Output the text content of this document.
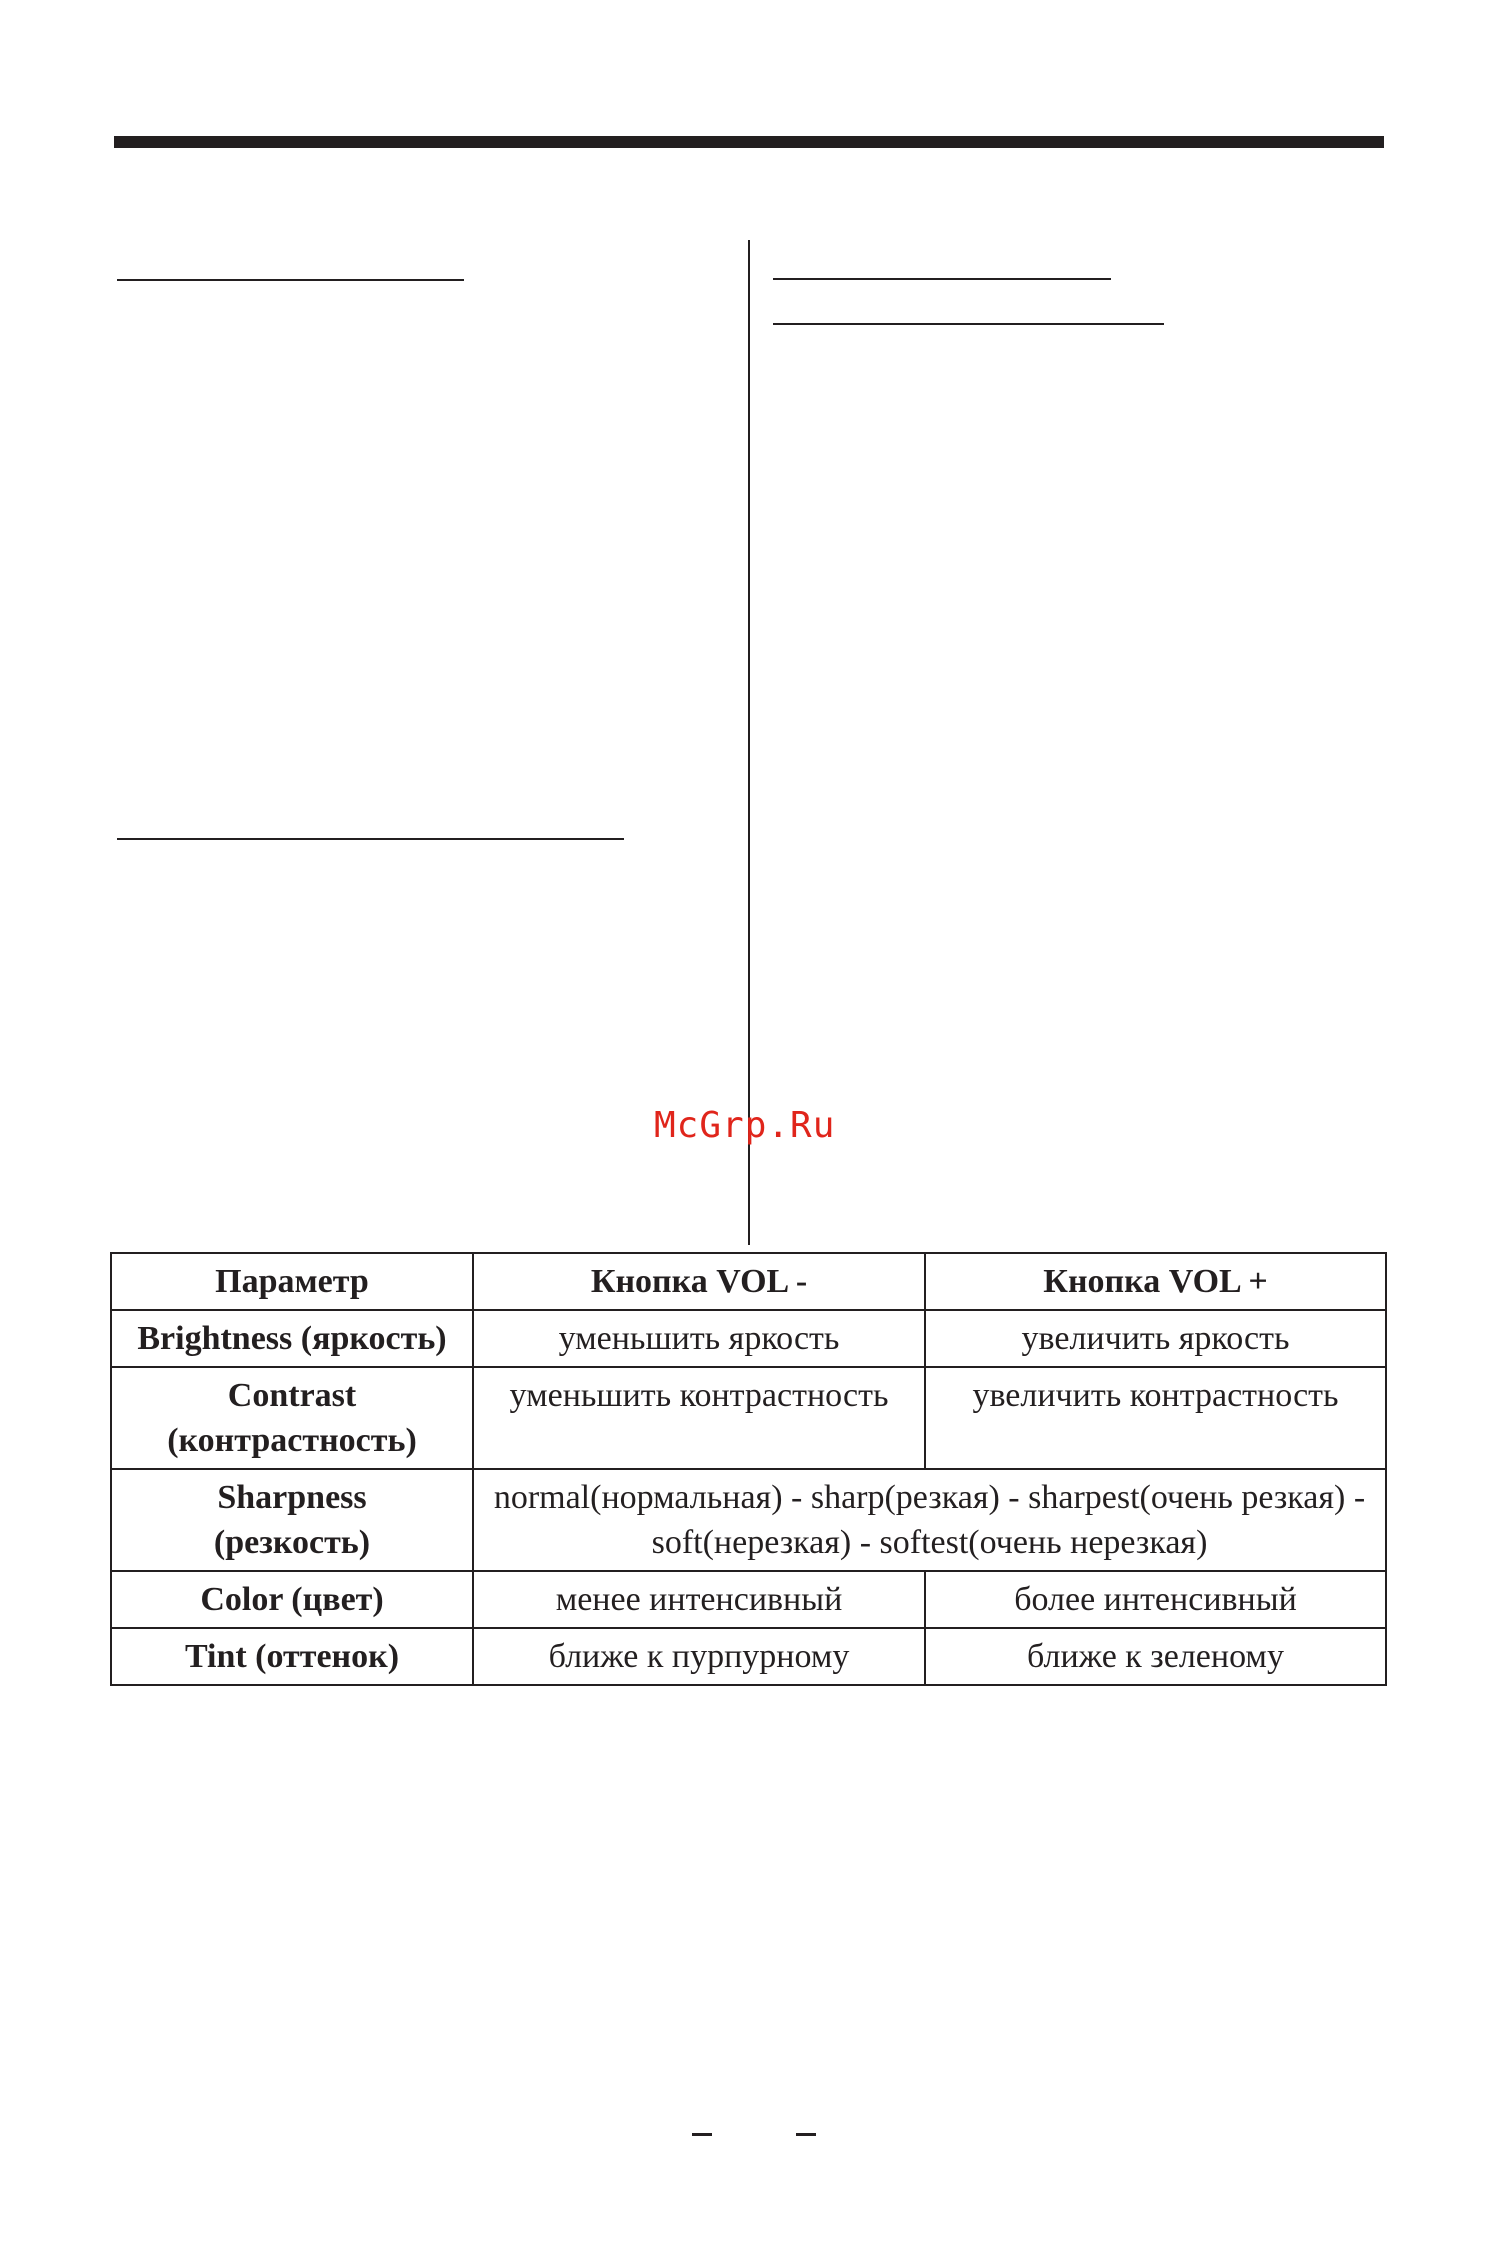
McGrp.Ru
Параметр	Кнопка VOL -	Кнопка VOL +
Brightness (яркость)	уменьшить яркость	увеличить яркость
Contrast (контрастность)	уменьшить контрастность	увеличить контрастность
Sharpness (резкость)	normal(нормальная) - sharp(резкая) - sharpest(очень резкая) - soft(нерезкая) - softest(очень нерезкая)	
Color (цвет)	менее интенсивный	более интенсивный
Tint (оттенок)	ближе к пурпурному	ближе к зеленому
